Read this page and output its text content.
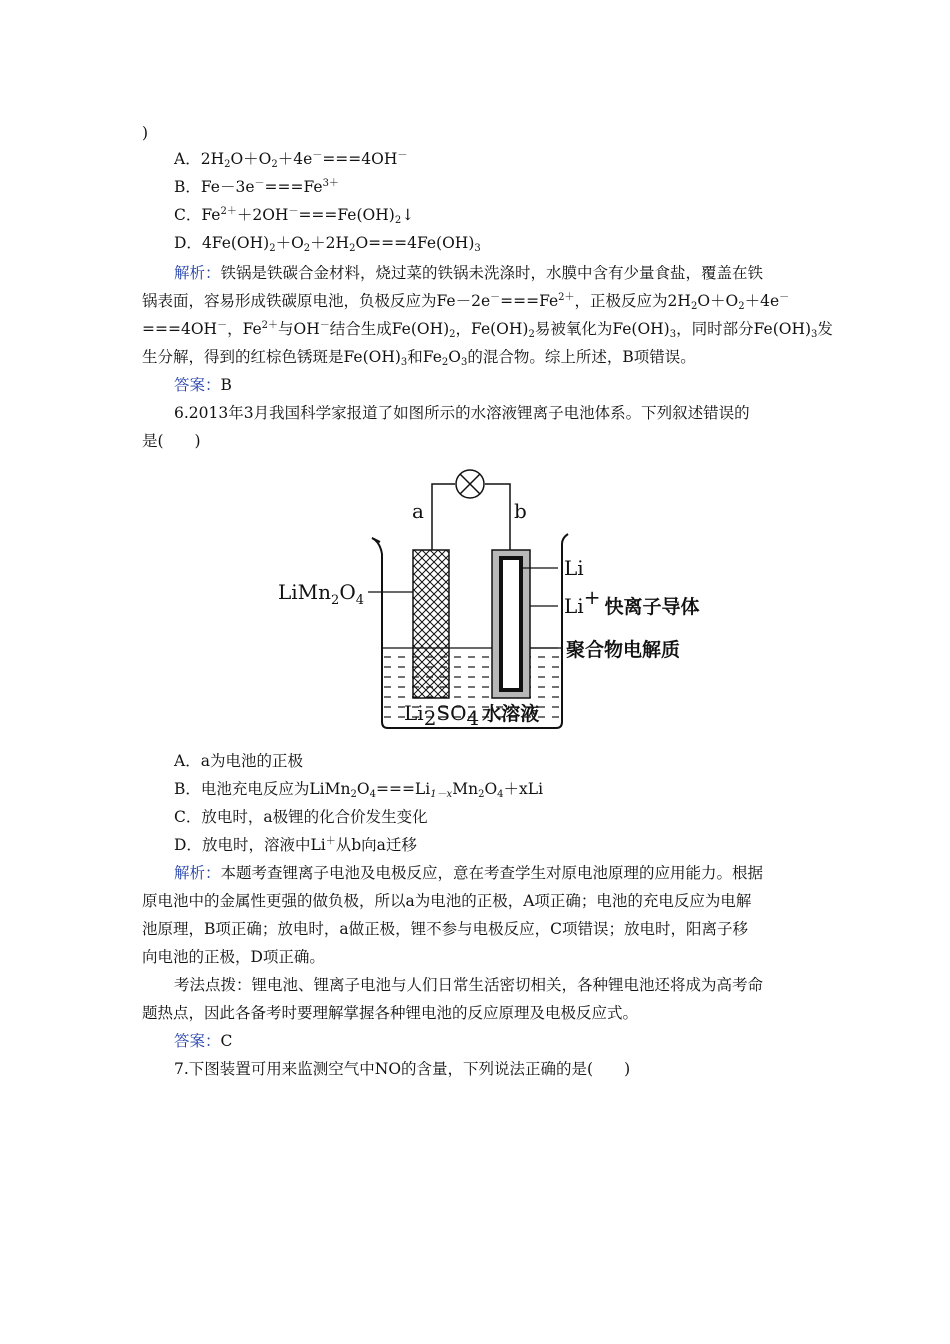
)
A．$2H_2O+O_2+4e^-===4OH^-$
B．$Fe-3e^-===Fe^{3+}$
C．$Fe^{2+}+2OH^-===Fe(OH)_2↓$
D．$4Fe(OH)_2+O_2+2H_2O===4Fe(OH)_3$
解析：铁锅是铁碳合金材料，烧过菜的铁锅未洗涤时，水膜中含有少量食盐，覆盖在铁
锅表面，容易形成铁碳原电池，负极反应为$Fe-2e^-===Fe^{2+}$，正极反应为$2H_2O+O_2+4e^-$
===4OH－，$Fe^{2+}$与OH－结合生成$Fe(OH)_2$，$Fe(OH)_2$易被氧化为$Fe(OH)_3$，同时部分$Fe(OH)_3$发
生分解，得到的红棕色锈斑是$Fe(OH)_3$和$Fe_2O_3$的混合物。综上所述，B项错误。
答案：B
6.2013年3月我国科学家报道了如图所示的水溶液锂离子电池体系。下列叙述错误的
是(　　)
a	b
$LiMn_2O_4$
Li
Li+ 快离子导体
聚合物电解质
Li2SO4 水溶液
A．a为电池的正极
B．电池充电反应为$LiMn_2O_4===Li_{1-x}Mn_2O_4+xLi$
C．放电时，a极锂的化合价发生变化
D．放电时，溶液中Li＋从b向a迁移
解析：本题考查锂离子电池及电极反应，意在考查学生对原电池原理的应用能力。根据
原电池中的金属性更强的做负极，所以a为电池的正极，A项正确；电池的充电反应为电解
池原理，B项正确；放电时，a做正极，锂不参与电极反应，C项错误；放电时，阳离子移
向电池的正极，D项正确。
考法点拨：锂电池、锂离子电池与人们日常生活密切相关，各种锂电池还将成为高考命
题热点，因此各备考时要理解掌握各种锂电池的反应原理及电极反应式。
答案：C
7.下图装置可用来监测空气中NO的含量，下列说法正确的是(　　)
